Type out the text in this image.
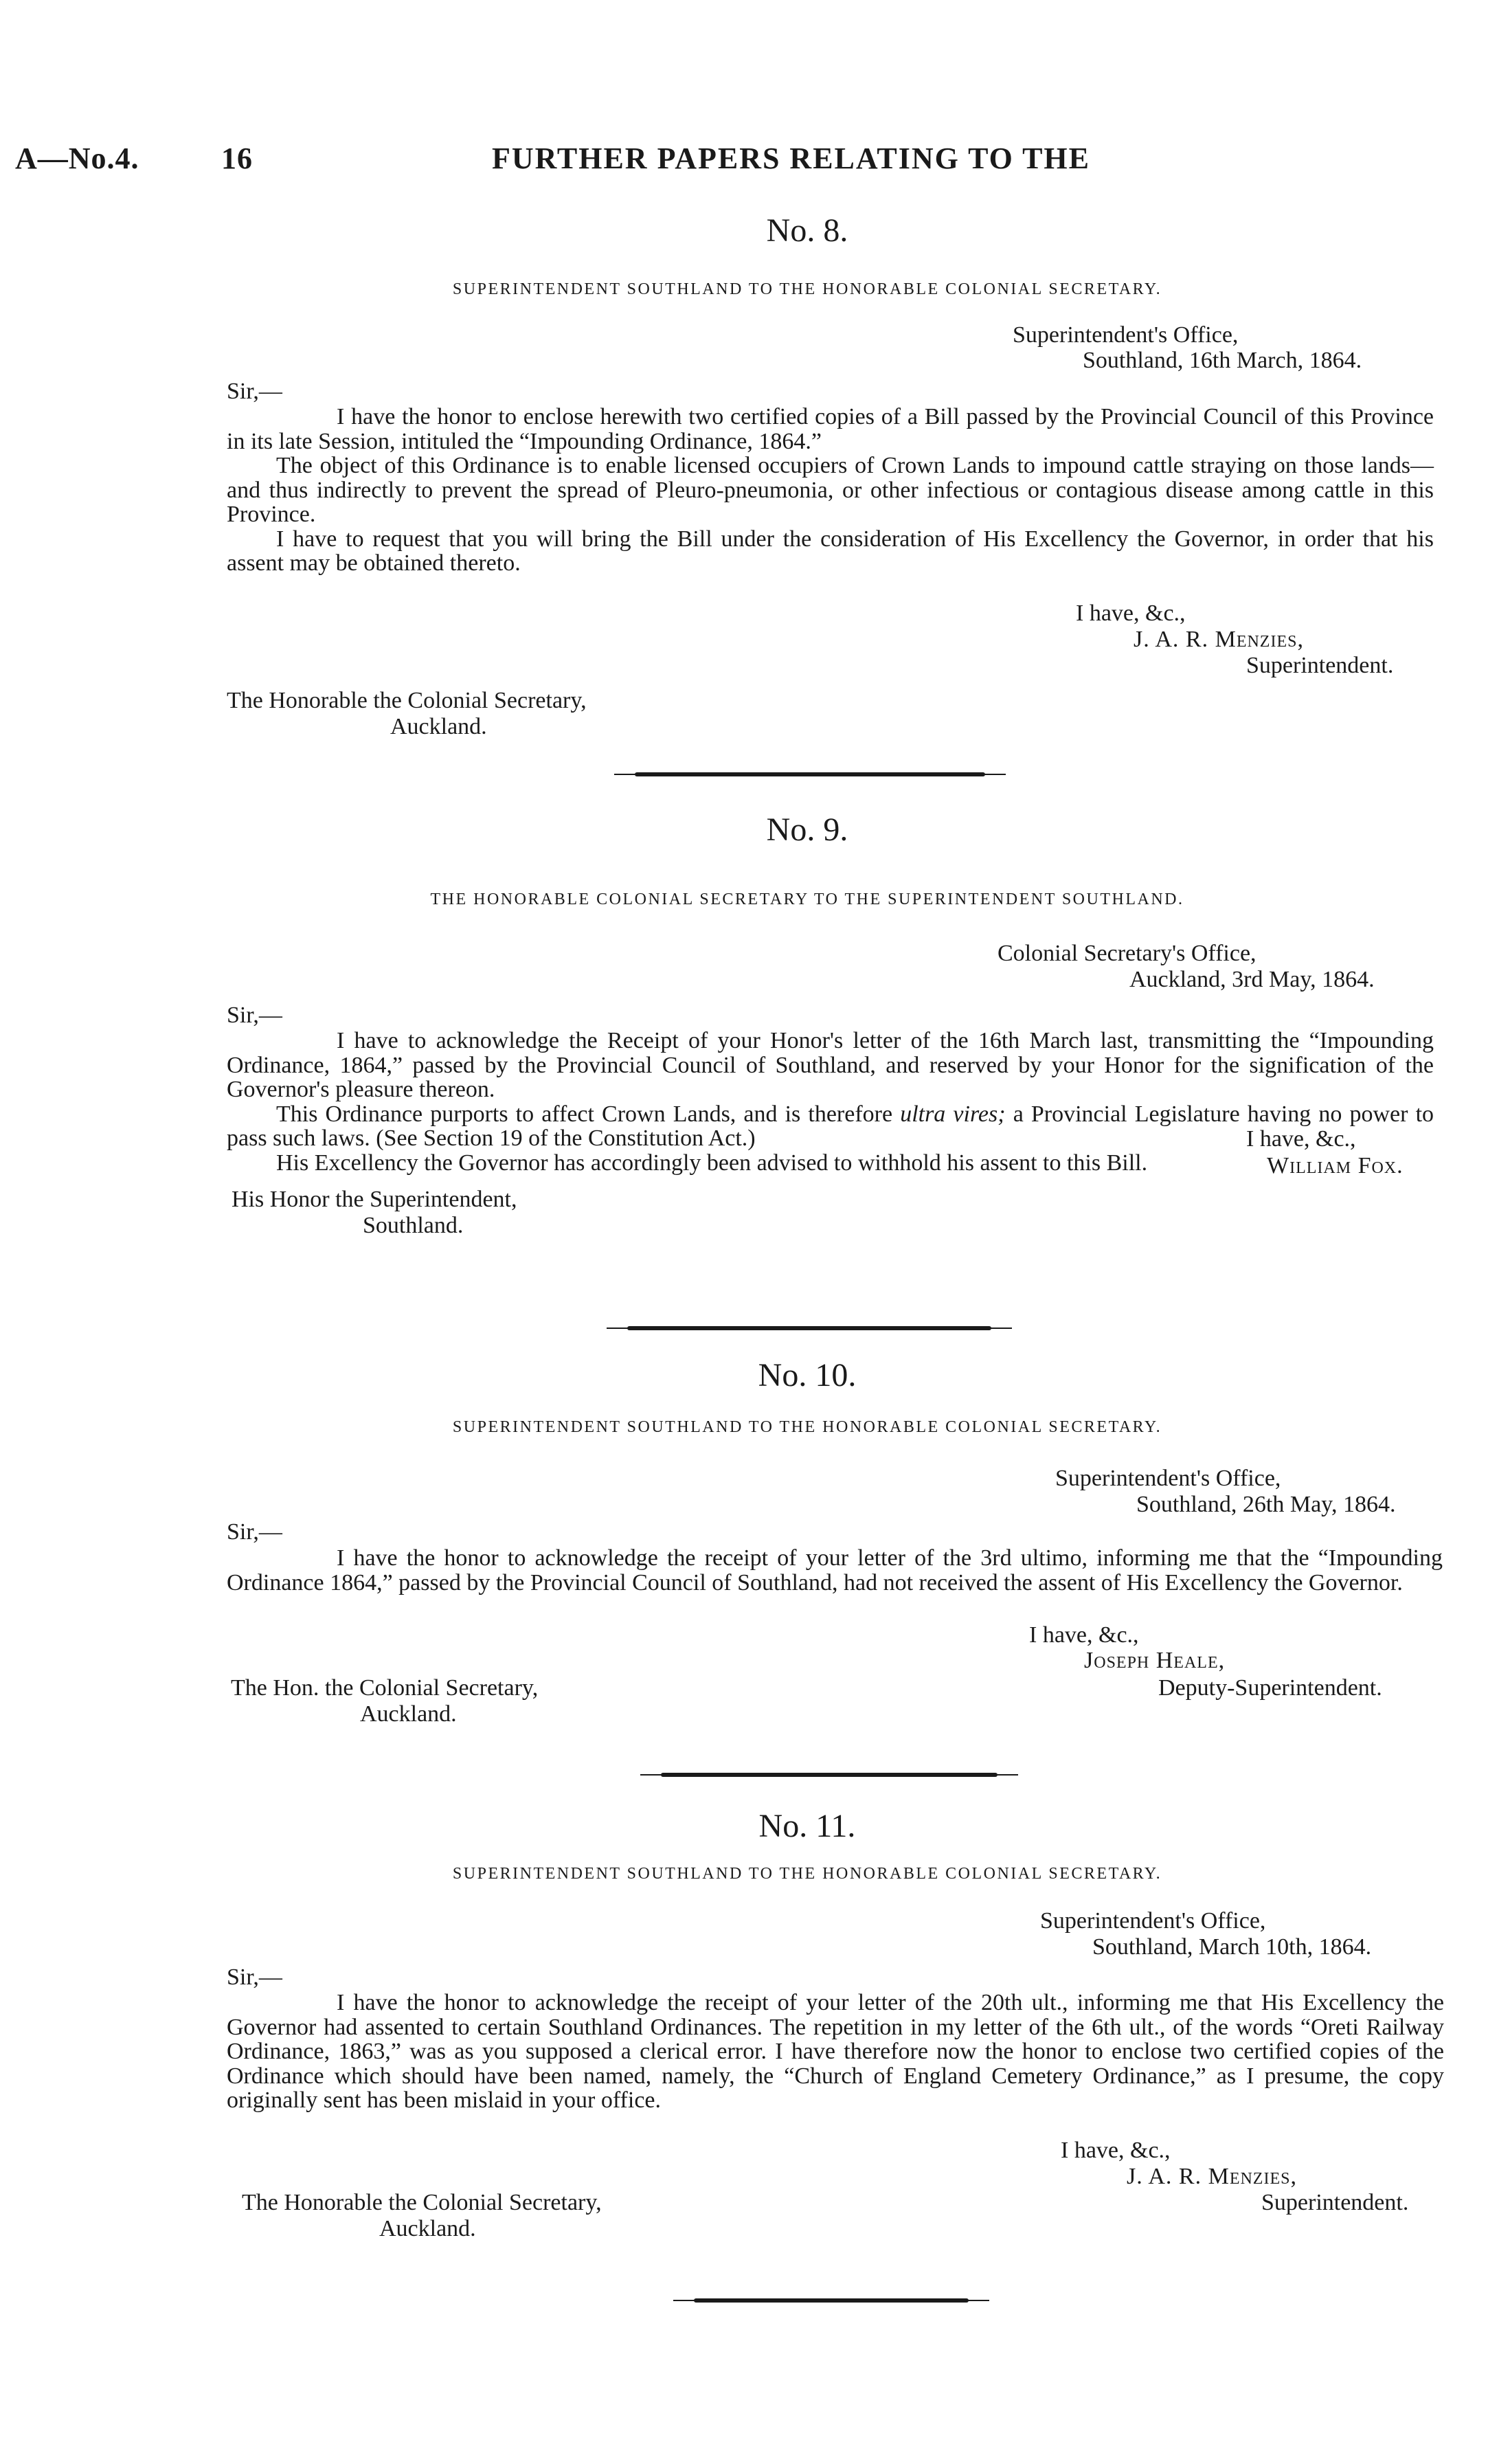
A—No.4.	16	FURTHER PAPERS RELATING TO THE
No. 8.
SUPERINTENDENT SOUTHLAND TO THE HONORABLE COLONIAL SECRETARY.
Superintendent's Office,
Southland, 16th March, 1864.
Sir,—

I have the honor to enclose herewith two certified copies of a Bill passed by the Provincial Council of this Province in its late Session, intituled the “Impounding Ordinance, 1864.”

The object of this Ordinance is to enable licensed occupiers of Crown Lands to impound cattle straying on those lands—and thus indirectly to prevent the spread of Pleuro-pneumonia, or other infectious or contagious disease among cattle in this Province.

I have to request that you will bring the Bill under the consideration of His Excellency the Governor, in order that his assent may be obtained thereto.

I have, &c.,
J. A. R. Menzies,
Superintendent.
The Honorable the Colonial Secretary,
Auckland.
No. 9.
THE HONORABLE COLONIAL SECRETARY TO THE SUPERINTENDENT SOUTHLAND.
Colonial Secretary's Office,
Auckland, 3rd May, 1864.
Sir,—

I have to acknowledge the Receipt of your Honor's letter of the 16th March last, transmitting the “Impounding Ordinance, 1864,” passed by the Provincial Council of Southland, and reserved by your Honor for the signification of the Governor's pleasure thereon.

This Ordinance purports to affect Crown Lands, and is therefore ultra vires; a Provincial Legislature having no power to pass such laws. (See Section 19 of the Constitution Act.)

His Excellency the Governor has accordingly been advised to withhold his assent to this Bill.

I have, &c.,
William Fox.
His Honor the Superintendent,
Southland.
No. 10.
SUPERINTENDENT SOUTHLAND TO THE HONORABLE COLONIAL SECRETARY.
Superintendent's Office,
Southland, 26th May, 1864.
Sir,—

I have the honor to acknowledge the receipt of your letter of the 3rd ultimo, informing me that the “Impounding Ordinance 1864,” passed by the Provincial Council of Southland, had not received the assent of His Excellency the Governor.

I have, &c.,
Joseph Heale,
The Hon. the Colonial Secretary,	Deputy-Superintendent.
Auckland.
No. 11.
SUPERINTENDENT SOUTHLAND TO THE HONORABLE COLONIAL SECRETARY.
Superintendent's Office,
Southland, March 10th, 1864.
Sir,—

I have the honor to acknowledge the receipt of your letter of the 20th ult., informing me that His Excellency the Governor had assented to certain Southland Ordinances. The repetition in my letter of the 6th ult., of the words “Oreti Railway Ordinance, 1863,” was as you supposed a clerical error. I have therefore now the honor to enclose two certified copies of the Ordinance which should have been named, namely, the “Church of England Cemetery Ordinance,” as I presume, the copy originally sent has been mislaid in your office.

I have, &c.,
J. A. R. Menzies,
The Honorable the Colonial Secretary,	Superintendent.
Auckland.
